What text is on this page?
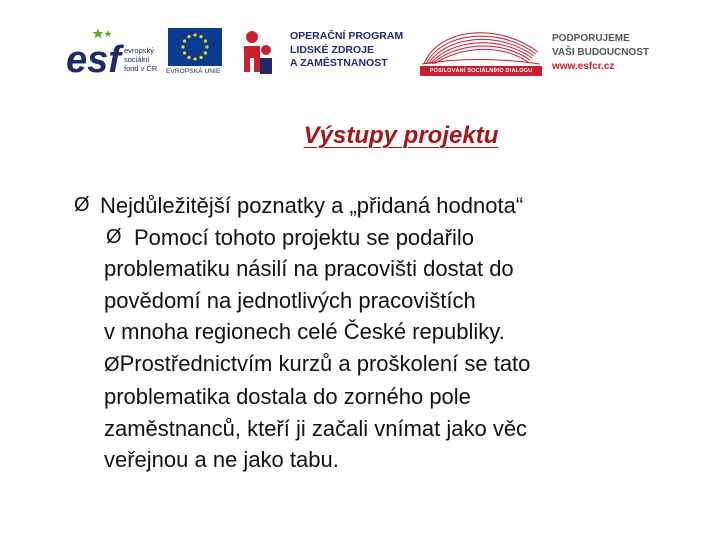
esf evropský
sociální
fond v ČR EVROPSKÁ UNIE
OPERAČNÍ PROGRAM
LIDSKÉ ZDROJE
A ZAMĚSTNANOST
POSILOVÁNÍ SOCIÁLNÍHO DIALOGU
PODPORUJEME
VAŠI BUDOUCNOST
www.esfcr.cz
Výstupy projektu
Ø Nejdůležitější poznatky a „přidaná hodnota“
Ø Pomocí tohoto projektu se podařilo
problematiku násilí na pracovišti dostat do
povědomí na jednotlivých pracovištích
v mnoha regionech celé České republiky.
ØProstřednictvím kurzů a proškolení se tato
problematika dostala do zorného pole
zaměstnanců, kteří ji začali vnímat jako věc
veřejnou a ne jako tabu.
